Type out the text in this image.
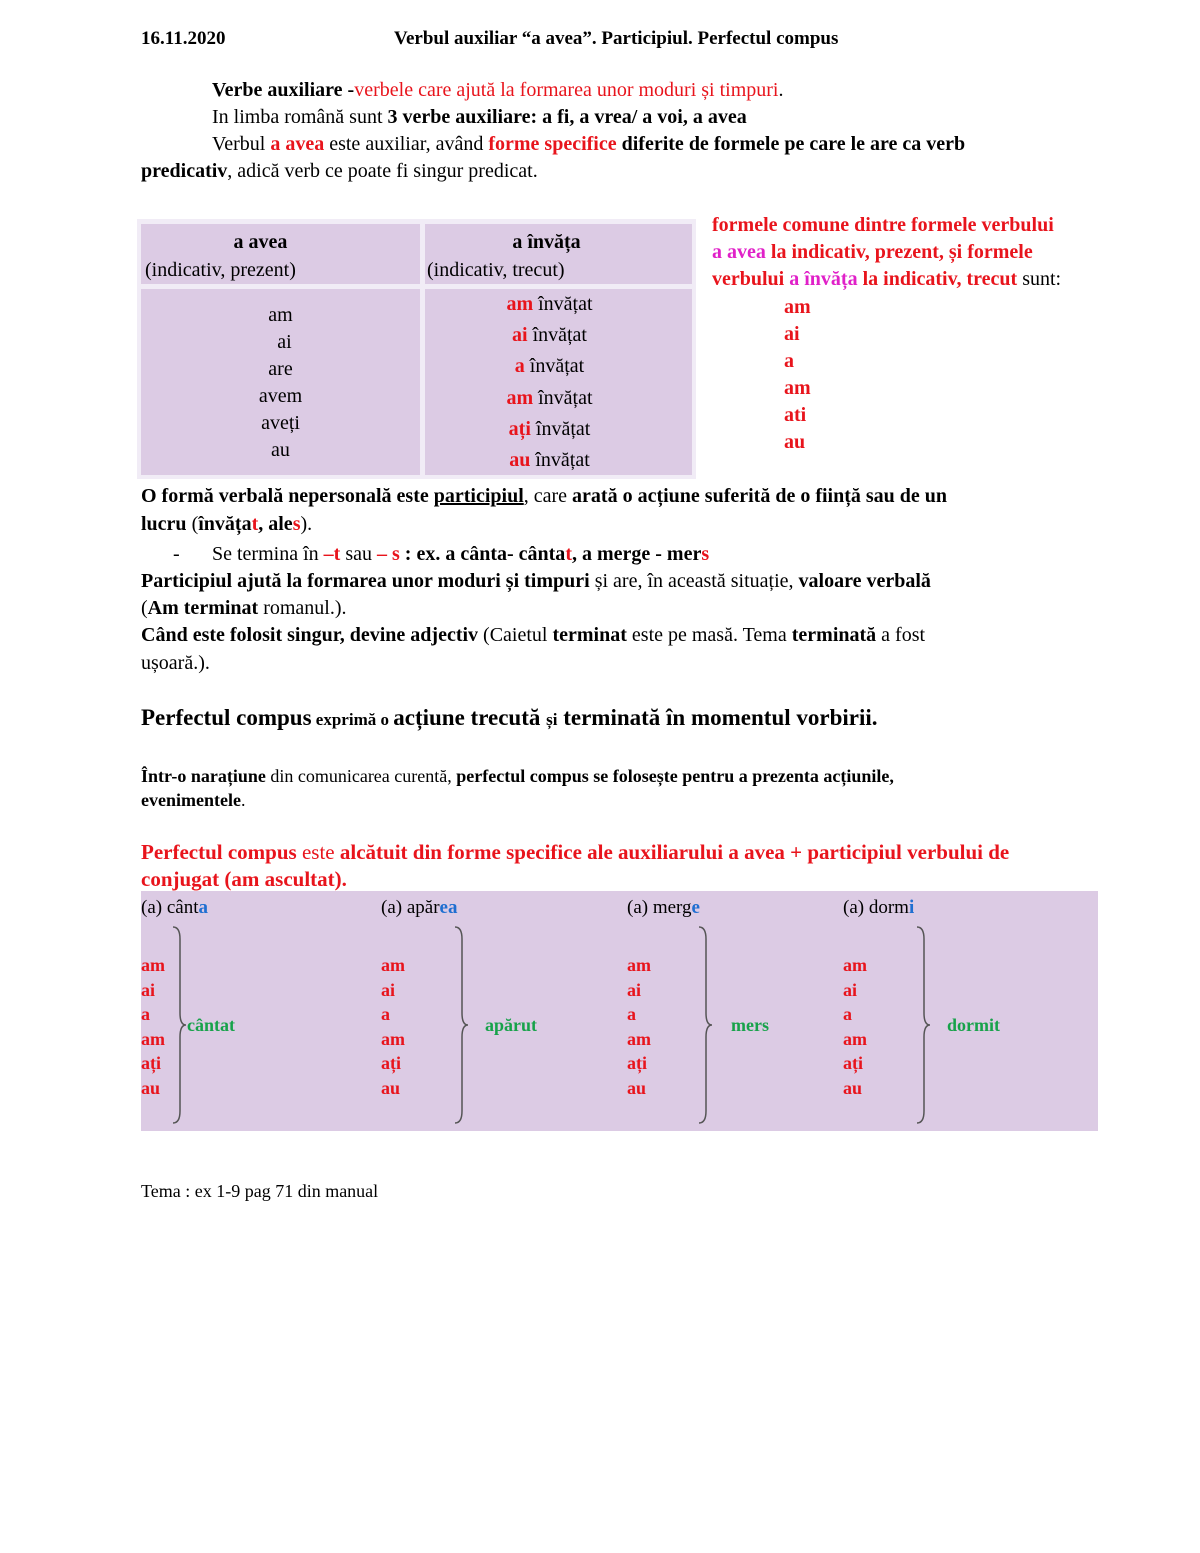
16.11.2020	Verbul auxiliar “a avea”. Participiul. Perfectul compus
Verbe auxiliare -verbele care ajută la formarea unor moduri și timpuri.
In limba română sunt 3 verbe auxiliare: a fi, a vrea/ a voi, a avea
Verbul a avea este auxiliar, având forme specifice diferite de formele pe care le are ca verb
predicativ, adică verb ce poate fi singur predicat.
a avea
(indicativ, prezent)
a învăța
(indicativ, trecut)
am
ai
are
avem
aveți
au
am învățat
ai învățat
a învățat
am învățat
ați învățat
au învățat
formele comune dintre formele verbului
a avea la indicativ, prezent, și formele
verbului a învăța la indicativ, trecut sunt:
am
ai
a
am
ati
au
O formă verbală nepersonală este participiul, care arată o acțiune suferită de o ființă sau de un
lucru (învățat, ales).
- Se termina în –t sau – s : ex. a cânta- cântat, a merge - mers
Participiul ajută la formarea unor moduri și timpuri și are, în această situație, valoare verbală
(Am terminat romanul.).
Când este folosit singur, devine adjectiv (Caietul terminat este pe masă. Tema terminată a fost
ușoară.).
Perfectul compus exprimă o acțiune trecută și terminată în momentul vorbirii.
Într-o narațiune din comunicarea curentă, perfectul compus se folosește pentru a prezenta acțiunile,
evenimentele.
Perfectul compus este alcătuit din forme specifice ale auxiliarului a avea + participiul verbului de
conjugat (am ascultat).
(a) cânta
am
ai
a
am
ați
au
cântat
(a) apărea
am
ai
a
am
ați
au
apărut
(a) merge
am
ai
a
am
ați
au
mers
(a) dormi
am
ai
a
am
ați
au
dormit
Tema : ex 1-9 pag 71 din manual
